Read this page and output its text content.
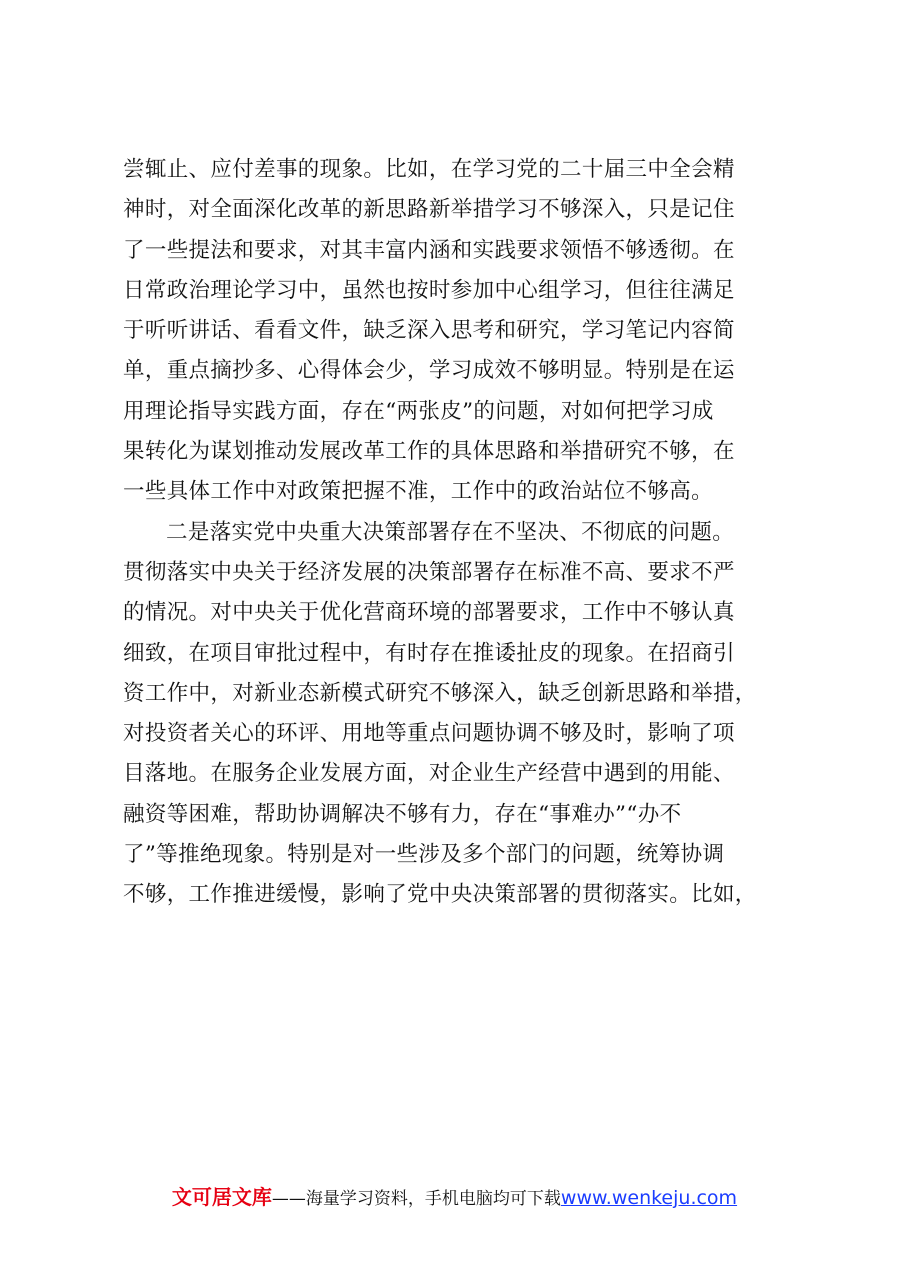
尝辄止、应付差事的现象。比如，在学习党的二十届三中全会精
神时，对全面深化改革的新思路新举措学习不够深入，只是记住
了一些提法和要求，对其丰富内涵和实践要求领悟不够透彻。在
日常政治理论学习中，虽然也按时参加中心组学习，但往往满足
于听听讲话、看看文件，缺乏深入思考和研究，学习笔记内容简
单，重点摘抄多、心得体会少，学习成效不够明显。特别是在运
用理论指导实践方面，存在“两张皮”的问题，对如何把学习成
果转化为谋划推动发展改革工作的具体思路和举措研究不够，在
一些具体工作中对政策把握不准，工作中的政治站位不够高。
二是落实党中央重大决策部署存在不坚决、不彻底的问题。
贯彻落实中央关于经济发展的决策部署存在标准不高、要求不严
的情况。对中央关于优化营商环境的部署要求，工作中不够认真
细致，在项目审批过程中，有时存在推诿扯皮的现象。在招商引
资工作中，对新业态新模式研究不够深入，缺乏创新思路和举措，
对投资者关心的环评、用地等重点问题协调不够及时，影响了项
目落地。在服务企业发展方面，对企业生产经营中遇到的用能、
融资等困难，帮助协调解决不够有力，存在“事难办”“办不
了”等推绝现象。特别是对一些涉及多个部门的问题，统筹协调
不够，工作推进缓慢，影响了党中央决策部署的贯彻落实。比如，
文可居文库——海量学习资料，手机电脑均可下载www.wenkeju.com
